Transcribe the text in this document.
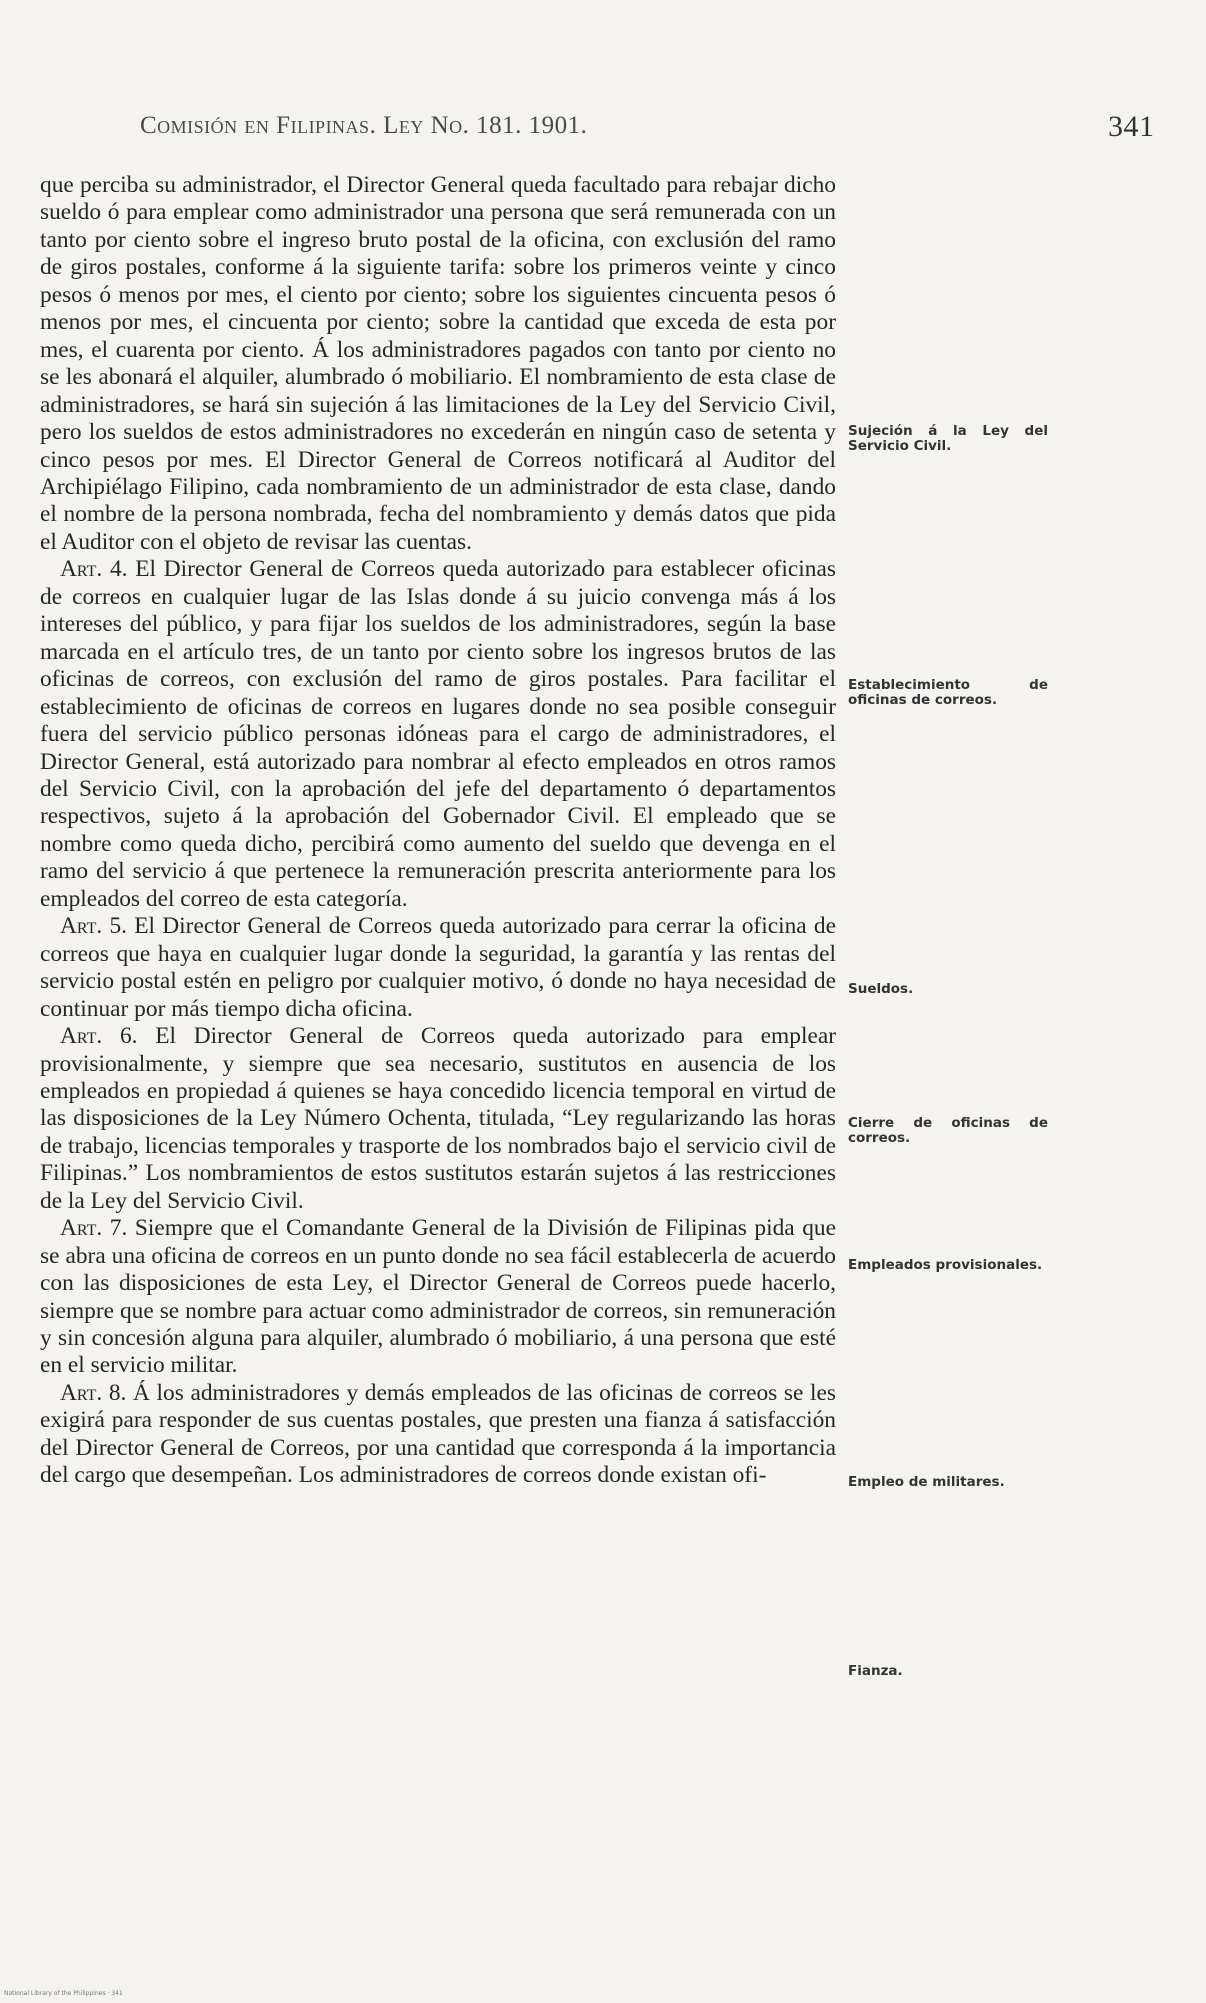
Comisión en Filipinas. Ley No. 181. 1901.	341

que perciba su administrador, el Director General queda facultado para rebajar dicho sueldo ó para emplear como administrador una persona que será remunerada con un tanto por ciento sobre el ingreso bruto postal de la oficina, con exclusión del ramo de giros postales, conforme á la siguiente tarifa: sobre los primeros veinte y cinco pesos ó menos por mes, el ciento por ciento; sobre los siguientes cincuenta pesos ó menos por mes, el cincuenta por ciento; sobre la cantidad que exceda de esta por mes, el cuarenta por ciento. Á los administradores pagados con tanto por ciento no se les abonará el alquiler, alumbrado ó mobiliario. El nombramiento de esta clase de administradores, se hará sin sujeción á las limitaciones de la Ley del Servicio Civil, pero los sueldos de estos administradores no excederán en ningún caso de setenta y cinco pesos por mes. El Director General de Correos notificará al Auditor del Archipiélago Filipino, cada nombramiento de un administrador de esta clase, dando el nombre de la persona nombrada, fecha del nombramiento y demás datos que pida el Auditor con el objeto de revisar las cuentas.

Art. 4. El Director General de Correos queda autorizado para establecer oficinas de correos en cualquier lugar de las Islas donde á su juicio convenga más á los intereses del público, y para fijar los sueldos de los administradores, según la base marcada en el artículo tres, de un tanto por ciento sobre los ingresos brutos de las oficinas de correos, con exclusión del ramo de giros postales. Para facilitar el establecimiento de oficinas de correos en lugares donde no sea posible conseguir fuera del servicio público personas idóneas para el cargo de administradores, el Director General, está autorizado para nombrar al efecto empleados en otros ramos del Servicio Civil, con la aprobación del jefe del departamento ó departamentos respectivos, sujeto á la aprobación del Gobernador Civil. El empleado que se nombre como queda dicho, percibirá como aumento del sueldo que devenga en el ramo del servicio á que pertenece la remuneración prescrita anteriormente para los empleados del correo de esta categoría.

Art. 5. El Director General de Correos queda autorizado para cerrar la oficina de correos que haya en cualquier lugar donde la seguridad, la garantía y las rentas del servicio postal estén en peligro por cualquier motivo, ó donde no haya necesidad de continuar por más tiempo dicha oficina.

Art. 6. El Director General de Correos queda autorizado para emplear provisionalmente, y siempre que sea necesario, sustitutos en ausencia de los empleados en propiedad á quienes se haya concedido licencia temporal en virtud de las disposiciones de la Ley Número Ochenta, titulada, “Ley regularizando las horas de trabajo, licencias temporales y trasporte de los nombrados bajo el servicio civil de Filipinas.” Los nombramientos de estos sustitutos estarán sujetos á las restricciones de la Ley del Servicio Civil.

Art. 7. Siempre que el Comandante General de la División de Filipinas pida que se abra una oficina de correos en un punto donde no sea fácil establecerla de acuerdo con las disposiciones de esta Ley, el Director General de Correos puede hacerlo, siempre que se nombre para actuar como administrador de correos, sin remuneración y sin concesión alguna para alquiler, alumbrado ó mobiliario, á una persona que esté en el servicio militar.

Art. 8. Á los administradores y demás empleados de las oficinas de correos se les exigirá para responder de sus cuentas postales, que presten una fianza á satisfacción del Director General de Correos, por una cantidad que corresponda á la importancia del cargo que desempeñan. Los administradores de correos donde existan ofi-

Sujeción á la Ley del Servicio Civil.
Establecimiento de oficinas de correos.
Sueldos.
Cierre de oficinas de correos.
Empleados provisionales.
Empleo de militares.
Fianza.
National Library of the Philippines · 341
